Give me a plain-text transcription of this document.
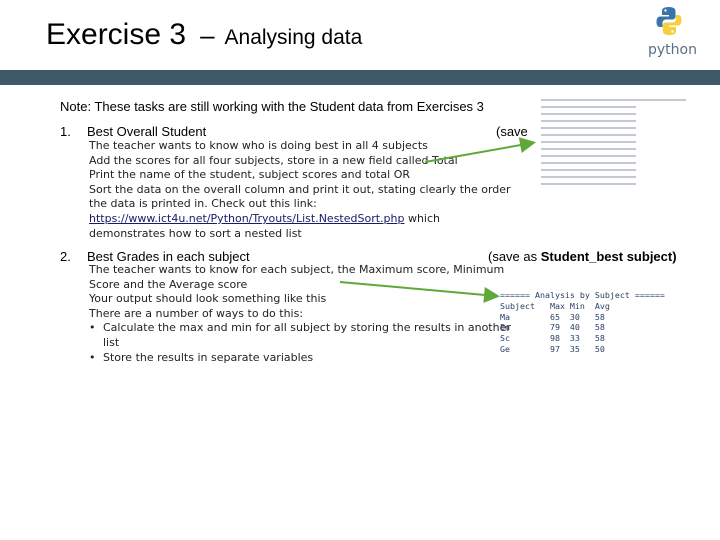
Exercise 3 – Analysing data
python
Note: These tasks are still working with the Student data from Exercises 3
1. Best Overall Student	(save

The teacher wants to know who is doing best in all 4 subjects

Add the scores for all four subjects, store in a new field called Total

Print the name of the student, subject scores and total OR

Sort the data on the overall column and print it out, stating clearly the order

the data is printed in. Check out this link:

https://www.ict4u.net/Python/Tryouts/List.NestedSort.php which

demonstrates how to sort a nested list

2. Best Grades in each subject	(save as Student_best subject)

The teacher wants to know for each subject, the Maximum score, Minimum

Score and the Average score

Your output should look something like this

There are a number of ways to do this:

• Calculate the max and min for all subject by storing the results in another
list
• Store the results in separate variables
====== Analysis by Subject ======
Subject   Max Min  Avg
Ma        65  30   58
En        79  40   58
Sc        98  33   58
Ge        97  35   50
